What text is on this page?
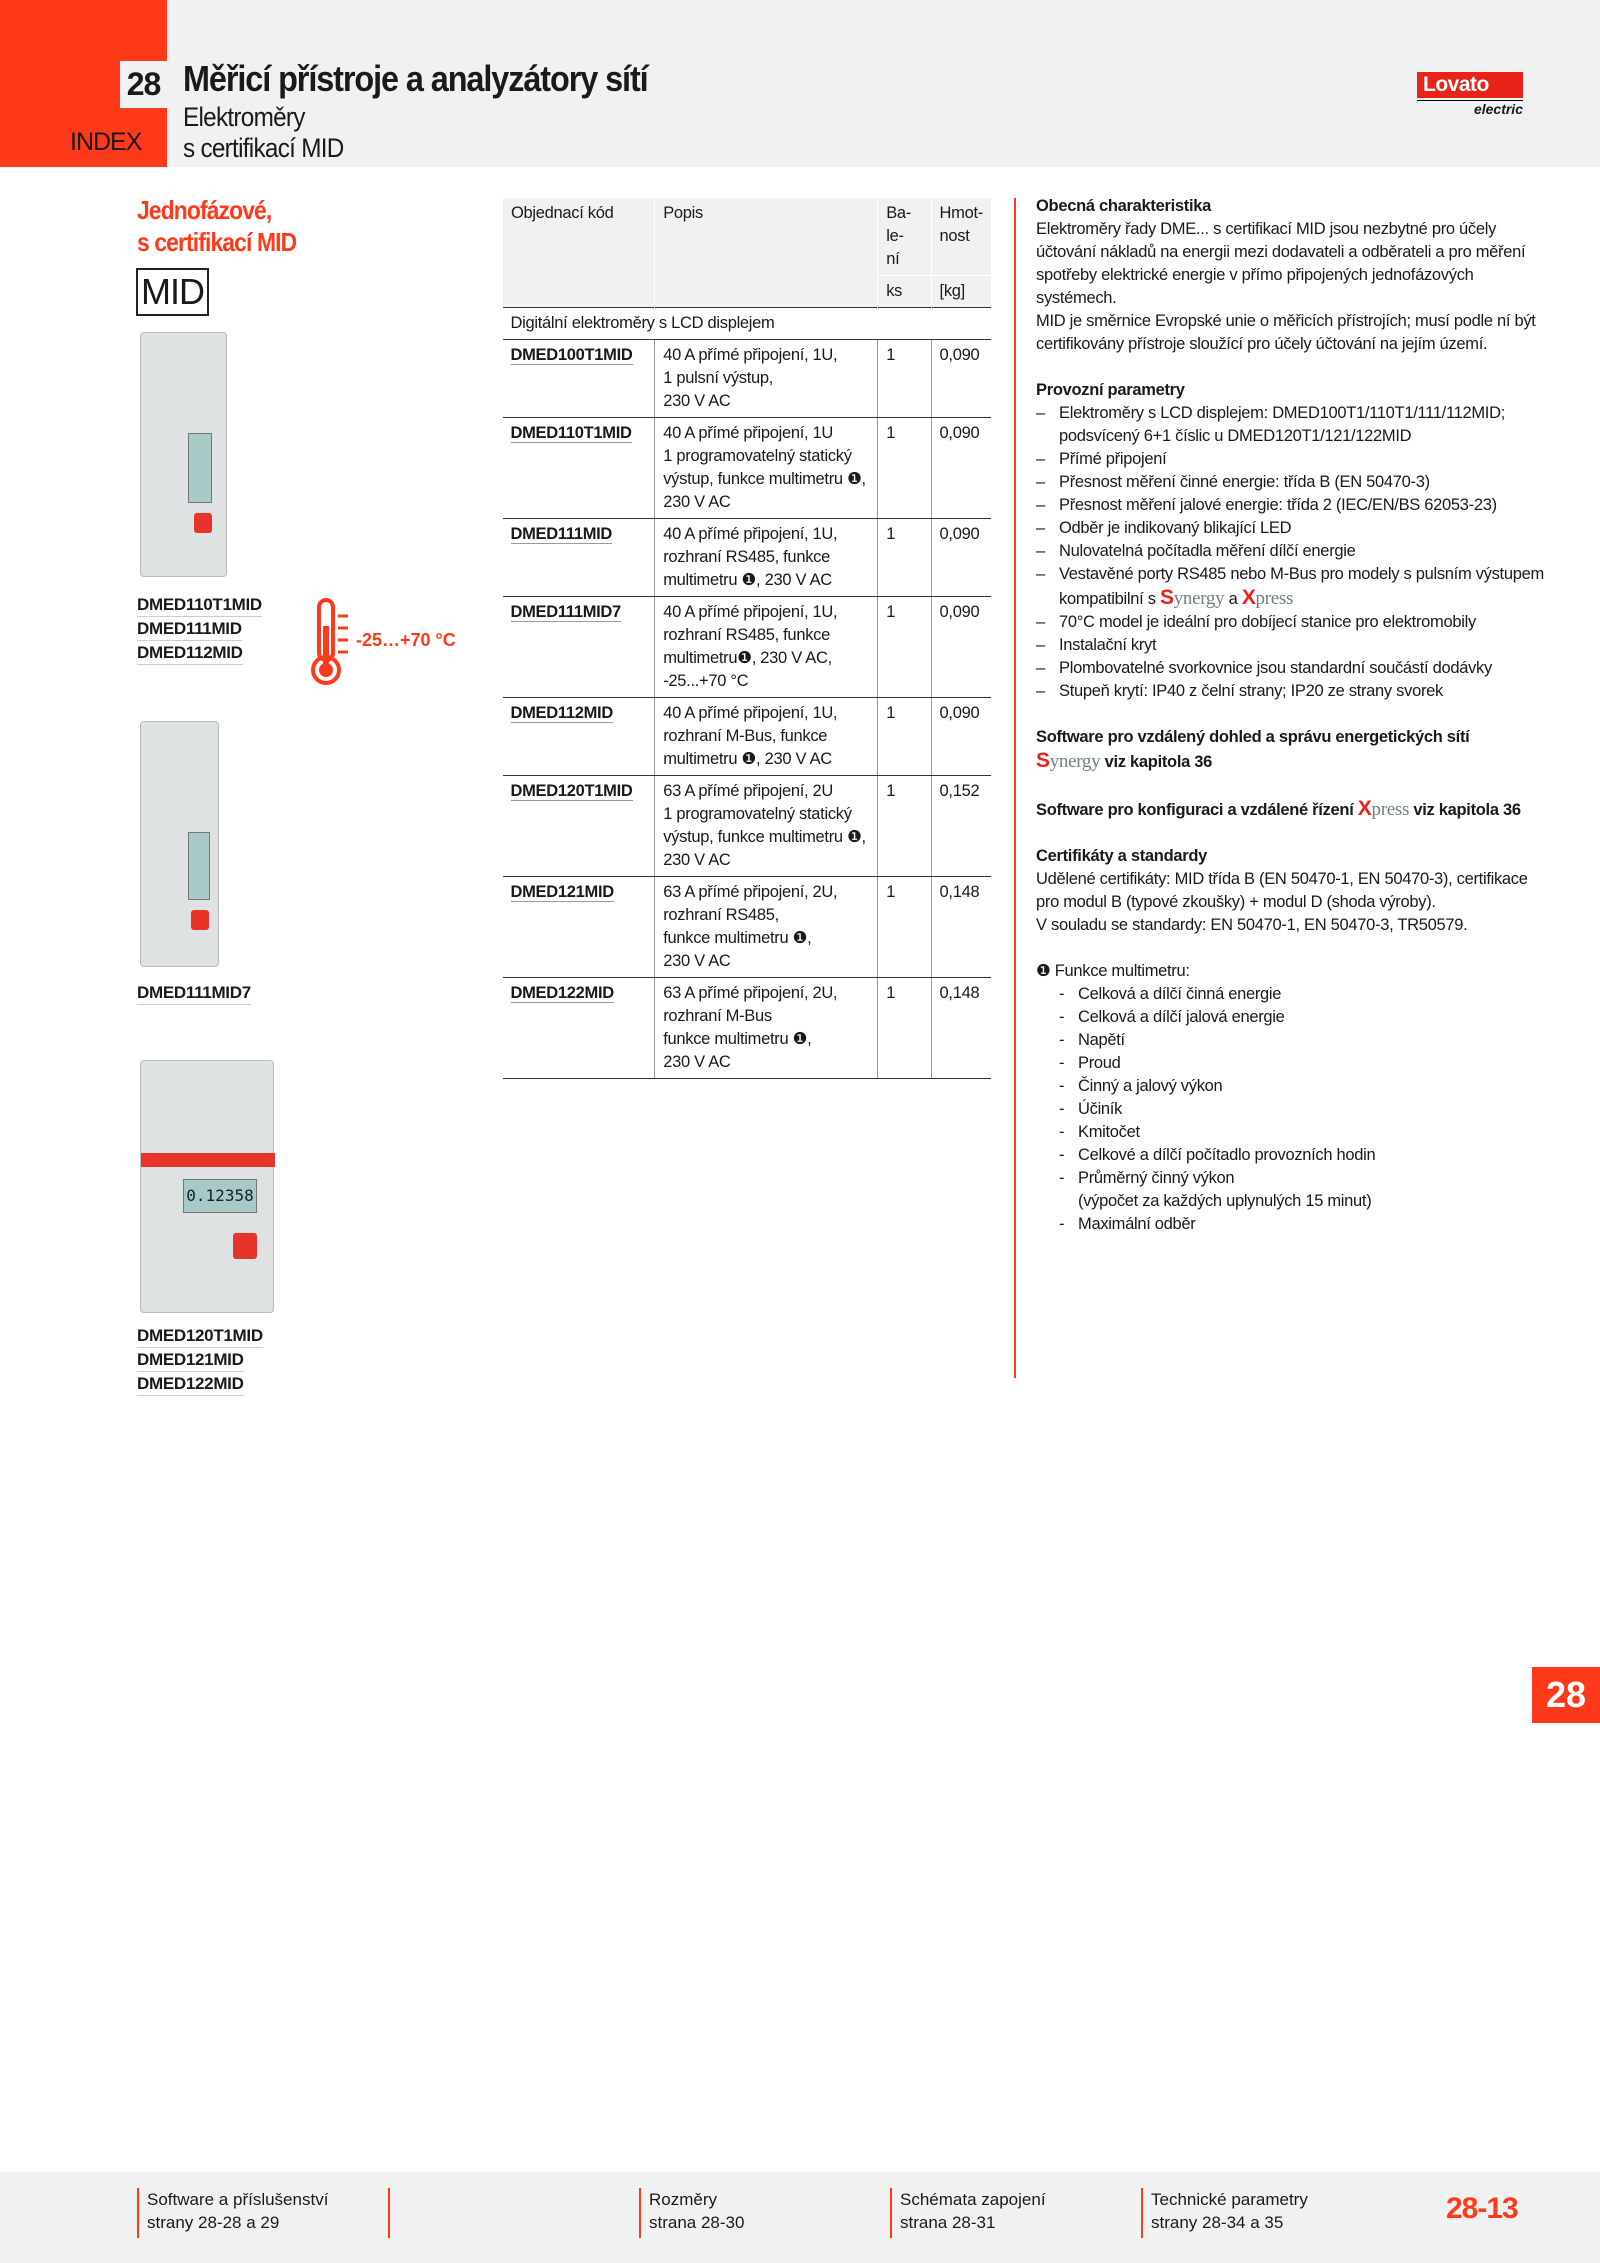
28
INDEX
Měřicí přístroje a analyzátory sítí
Elektroměry
s certifikací MID
Lovato
electric
Jednofázové,
s certifikací MID
MID
DMED110T1MID
DMED111MID
DMED112MID
-25…+70 °C
DMED111MID7
0.12358
DMED120T1MID
DMED121MID
DMED122MID
Objednací kód	Popis	Ba-
le-
ní	Hmot-
nost
		ks	[kg]
Digitální elektroměry s LCD displejem			
DMED100T1MID	40 A přímé připojení, 1U,
1 pulsní výstup,
230 V AC	1	0,090
DMED110T1MID	40 A přímé připojení, 1U
1 programovatelný statický
výstup, funkce multimetru ❶,
230 V AC	1	0,090
DMED111MID	40 A přímé připojení, 1U,
rozhraní RS485, funkce
multimetru ❶, 230 V AC	1	0,090
DMED111MID7	40 A přímé připojení, 1U,
rozhraní RS485, funkce
multimetru❶, 230 V AC,
-25...+70 °C	1	0,090
DMED112MID	40 A přímé připojení, 1U,
rozhraní M-Bus, funkce
multimetru ❶, 230 V AC	1	0,090
DMED120T1MID	63 A přímé připojení, 2U
1 programovatelný statický
výstup, funkce multimetru ❶,
230 V AC	1	0,152
DMED121MID	63 A přímé připojení, 2U,
rozhraní RS485,
funkce multimetru ❶,
230 V AC	1	0,148
DMED122MID	63 A přímé připojení, 2U,
rozhraní M-Bus
funkce multimetru ❶,
230 V AC	1	0,148
Obecná charakteristika
Elektroměry řady DME... s certifikací MID jsou nezbytné pro účely účtování nákladů na energii mezi dodavateli a odběrateli a pro měření spotřeby elektrické energie v přímo připojených jednofázových systémech.

MID je směrnice Evropské unie o měřicích přístrojích; musí podle ní být certifikovány přístroje sloužící pro účely účtování na jejím území.

Provozní parametry
– Elektroměry s LCD displejem: DMED100T1/110T1/111/112MID; podsvícený 6+1 číslic u DMED120T1/121/122MID
– Přímé připojení
– Přesnost měření činné energie: třída B (EN 50470-3)
– Přesnost měření jalové energie: třída 2 (IEC/EN/BS 62053-23)
– Odběr je indikovaný blikající LED
– Nulovatelná počítadla měření dílčí energie
– Vestavěné porty RS485 nebo M-Bus pro modely s pulsním výstupem kompatibilní s Synergy a Xpress
– 70°C model je ideální pro dobíjecí stanice pro elektromobily
– Instalační kryt
– Plombovatelné svorkovnice jsou standardní součástí dodávky
– Stupeň krytí: IP40 z čelní strany; IP20 ze strany svorek

Software pro vzdálený dohled a správu energetických sítí
Synergy viz kapitola 36

Software pro konfiguraci a vzdálené řízení Xpress viz kapitola 36

Certifikáty a standardy
Udělené certifikáty: MID třída B (EN 50470-1, EN 50470-3), certifikace pro modul B (typové zkoušky) + modul D (shoda výroby).

V souladu se standardy: EN 50470-1, EN 50470-3, TR50579.

❶ Funkce multimetru:
- Celková a dílčí činná energie
- Celková a dílčí jalová energie
- Napětí
- Proud
- Činný a jalový výkon
- Účiník
- Kmitočet
- Celkové a dílčí počítadlo provozních hodin
- Průměrný činný výkon
(výpočet za každých uplynulých 15 minut)
- Maximální odběr
28
Software a příslušenství
strany 28-28 a 29
Rozměry
strana 28-30
Schémata zapojení
strana 28-31
Technické parametry
strany 28-34 a 35	28-13
